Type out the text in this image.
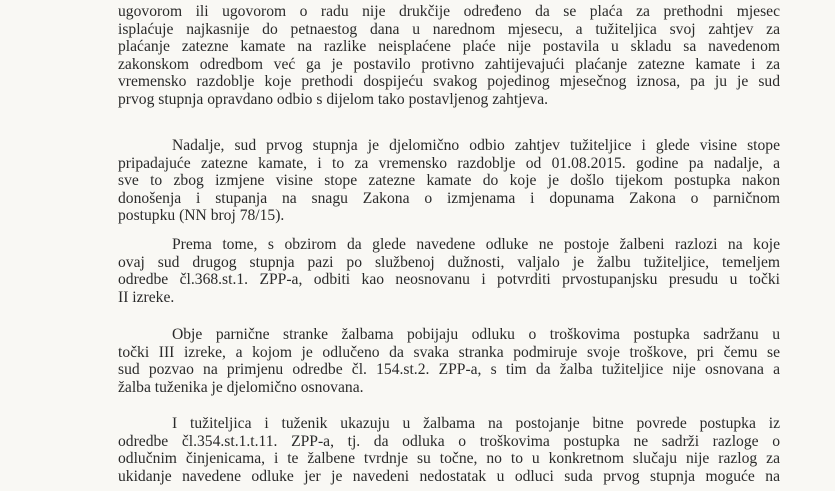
ugovorom ili ugovorom o radu nije drukčije određeno da se plaća za prethodni mjesec
isplaćuje najkasnije do petnaestog dana u narednom mjesecu, a tužiteljica svoj zahtjev za
plaćanje zatezne kamate na razlike neisplaćene plaće nije postavila u skladu sa navedenom
zakonskom odredbom već ga je postavilo protivno zahtijevajući plaćanje zatezne kamate i za
vremensko razdoblje koje prethodi dospijeću svakog pojedinog mjesečnog iznosa, pa ju je sud
prvog stupnja opravdano odbio s dijelom tako postavljenog zahtjeva.
Nadalje, sud prvog stupnja je djelomično odbio zahtjev tužiteljice i glede visine stope
pripadajuće zatezne kamate, i to za vremensko razdoblje od 01.08.2015. godine pa nadalje, a
sve to zbog izmjene visine stope zatezne kamate do koje je došlo tijekom postupka nakon
donošenja i stupanja na snagu Zakona o izmjenama i dopunama Zakona o parničnom
postupku (NN broj 78/15).
Prema tome, s obzirom da glede navedene odluke ne postoje žalbeni razlozi na koje
ovaj sud drugog stupnja pazi po službenoj dužnosti, valjalo je žalbu tužiteljice, temeljem
odredbe čl.368.st.1. ZPP-a, odbiti kao neosnovanu i potvrditi prvostupanjsku presudu u točki
II izreke.
Obje parnične stranke žalbama pobijaju odluku o troškovima postupka sadržanu u
točki III izreke, a kojom je odlučeno da svaka stranka podmiruje svoje troškove, pri čemu se
sud pozvao na primjenu odredbe čl. 154.st.2. ZPP-a, s tim da žalba tužiteljice nije osnovana a
žalba tuženika je djelomično osnovana.
I tužiteljica i tuženik ukazuju u žalbama na postojanje bitne povrede postupka iz
odredbe čl.354.st.1.t.11. ZPP-a, tj. da odluka o troškovima postupka ne sadrži razloge o
odlučnim činjenicama, i te žalbene tvrdnje su točne, no to u konkretnom slučaju nije razlog za
ukidanje navedene odluke jer je navedeni nedostatak u odluci suda prvog stupnja moguće na
